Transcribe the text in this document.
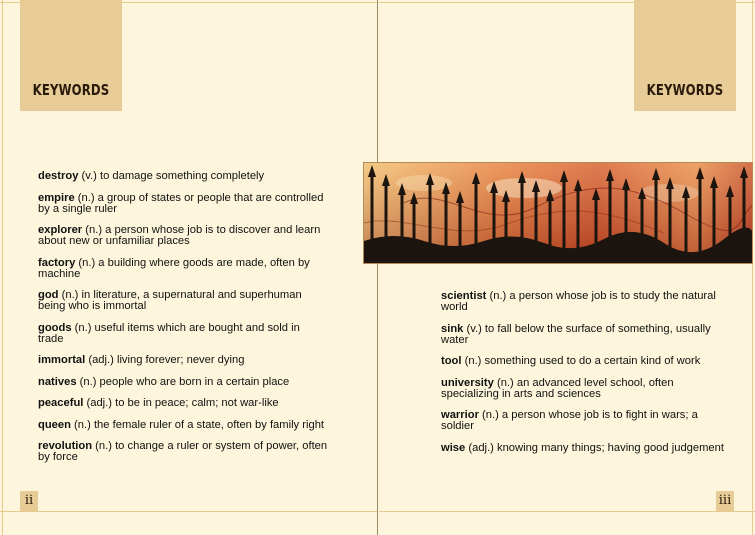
KEYWORDS
destroy (v.) to damage something completely
empire (n.) a group of states or people that are controlled by a single ruler
explorer (n.) a person whose job is to discover and learn about new or unfamiliar places
factory (n.) a building where goods are made, often by machine
god (n.) in literature, a supernatural and superhuman being who is immortal
goods (n.) useful items which are bought and sold in trade
immortal (adj.) living forever; never dying
natives (n.) people who are born in a certain place
peaceful (adj.) to be in peace; calm; not war-like
queen (n.) the female ruler of a state, often by family right
revolution (n.) to change a ruler or system of power, often by force
ii
KEYWORDS
scientist (n.) a person whose job is to study the natural world
sink (v.) to fall below the surface of something, usually water
tool (n.) something used to do a certain kind of work
university (n.) an advanced level school, often specializing in arts and sciences
warrior (n.) a person whose job is to fight in wars; a soldier
wise (adj.) knowing many things; having good judgement
iii
